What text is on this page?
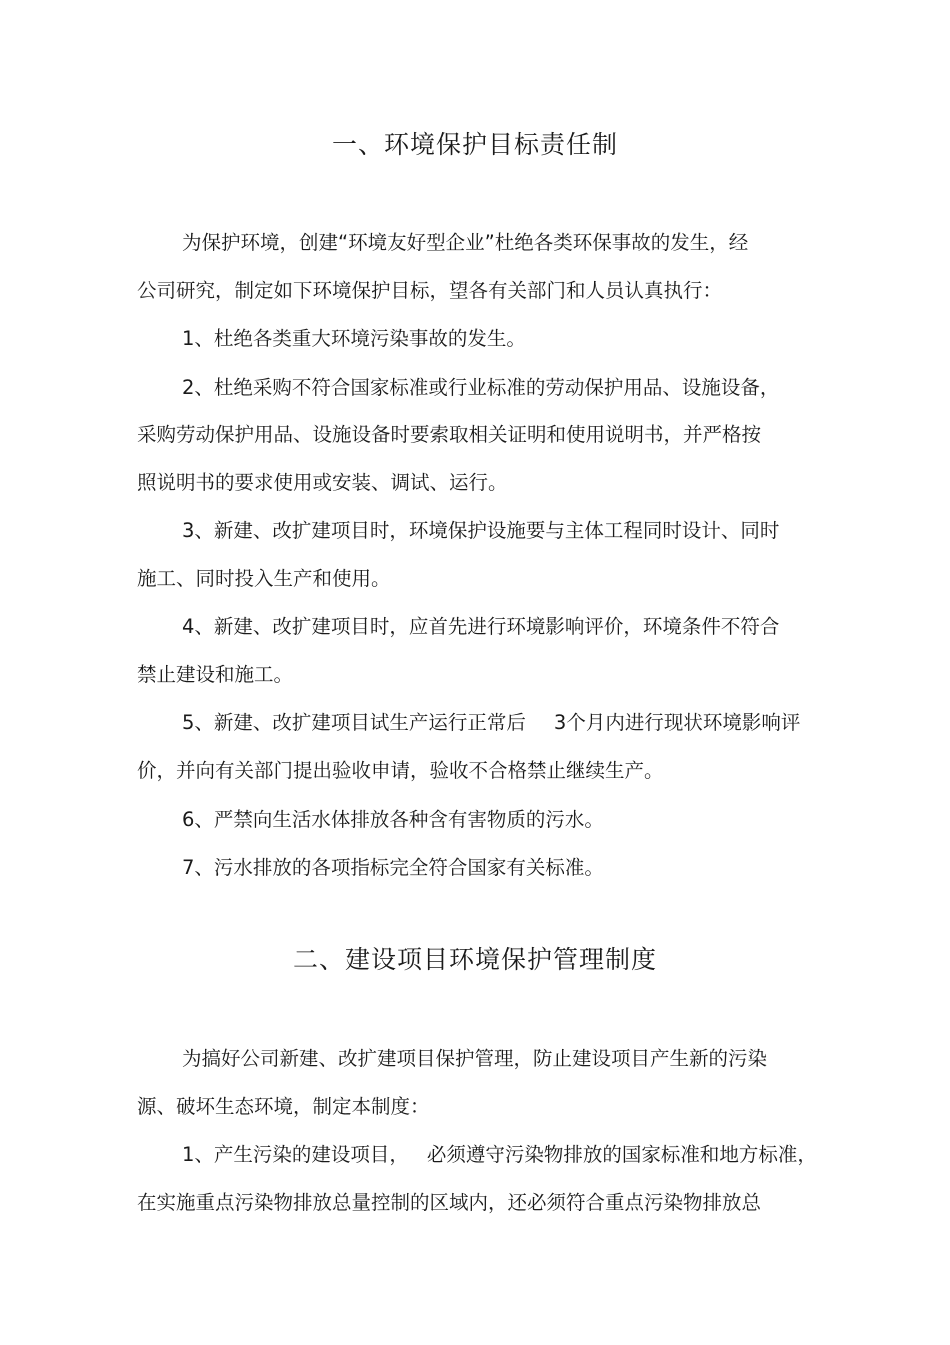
一、环境保护目标责任制
为保护环境，创建“环境友好型企业”杜绝各类环保事故的发生，经
公司研究，制定如下环境保护目标，望各有关部门和人员认真执行：
1、杜绝各类重大环境污染事故的发生。
2、杜绝采购不符合国家标准或行业标准的劳动保护用品、设施设备，
采购劳动保护用品、设施设备时要索取相关证明和使用说明书，并严格按
照说明书的要求使用或安装、调试、运行。
3、新建、改扩建项目时，环境保护设施要与主体工程同时设计、同时
施工、同时投入生产和使用。
4、新建、改扩建项目时，应首先进行环境影响评价，环境条件不符合
禁止建设和施工。
5、新建、改扩建项目试生产运行正常后 3个月内进行现状环境影响评
价，并向有关部门提出验收申请，验收不合格禁止继续生产。
6、严禁向生活水体排放各种含有害物质的污水。
7、污水排放的各项指标完全符合国家有关标准。
二、建设项目环境保护管理制度
为搞好公司新建、改扩建项目保护管理，防止建设项目产生新的污染
源、破坏生态环境，制定本制度：
1、产生污染的建设项目， 必须遵守污染物排放的国家标准和地方标准，
在实施重点污染物排放总量控制的区域内，还必须符合重点污染物排放总
